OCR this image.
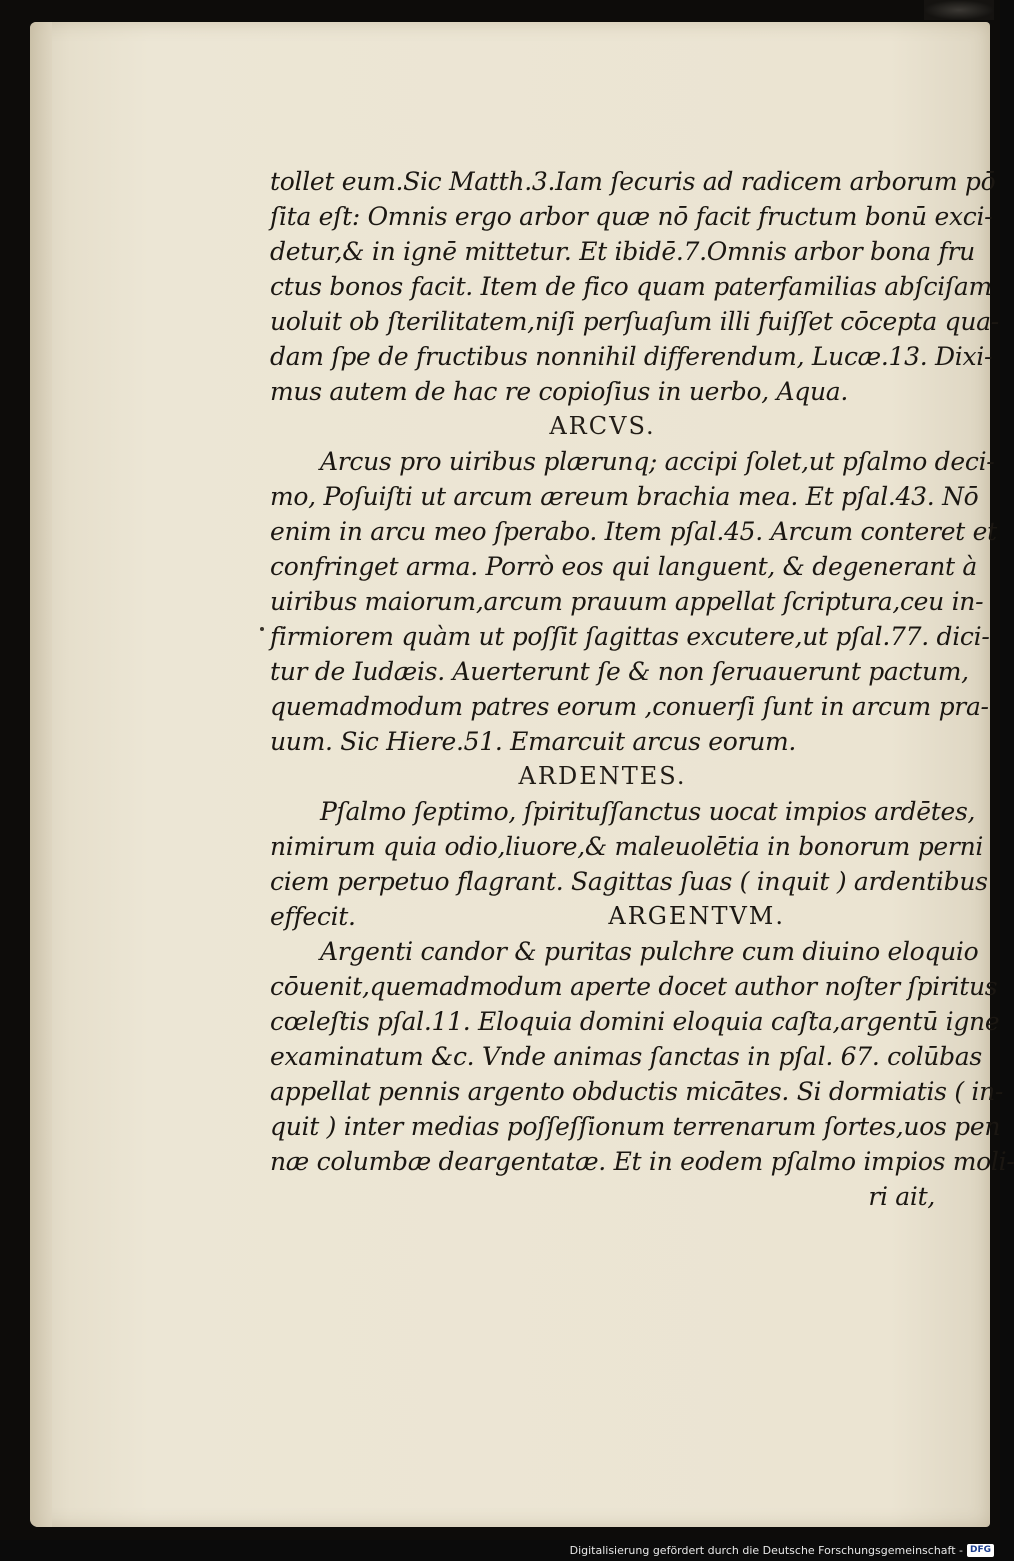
tollet eum.Sic Matth.3.Iam ſecuris ad radicem arborum pō
ſita eſt: Omnis ergo arbor quæ nō facit fructum bonū exci-
detur,& in ignē mittetur. Et ibidē.7.Omnis arbor bona fru
ctus bonos facit. Item de fico quam paterfamilias abſciſam
uoluit ob ſterilitatem,niſi perſuaſum illi fuiſſet cōcepta qua-
dam ſpe de fructibus nonnihil differendum, Lucæ.13. Dixi-
mus autem de hac re copioſius in uerbo, Aqua.
ARCVS.
Arcus pro uiribus plærunq; accipi ſolet,ut pſalmo deci-
mo, Poſuiſti ut arcum æreum brachia mea. Et pſal.43. Nō
enim in arcu meo ſperabo. Item pſal.45. Arcum conteret et
confringet arma. Porrò eos qui languent, & degenerant à
uiribus maiorum,arcum prauum appellat ſcriptura,ceu in-
firmiorem quàm ut poſſit ſagittas excutere,ut pſal.77. dici-
tur de Iudæis. Auerterunt ſe & non ſeruauerunt pactum,
quemadmodum patres eorum ,conuerſi ſunt in arcum pra-
uum. Sic Hiere.51. Emarcuit arcus eorum.
ARDENTES.
Pſalmo ſeptimo, ſpirituſſanctus uocat impios ardētes,
nimirum quia odio,liuore,& maleuolētia in bonorum perni
ciem perpetuo flagrant. Sagittas ſuas ( inquit ) ardentibus
effecit.	ARGENTVM.
Argenti candor & puritas pulchre cum diuino eloquio
cōuenit,quemadmodum aperte docet author noſter ſpiritus
cœleſtis pſal.11. Eloquia domini eloquia caſta,argentū igne
examinatum &c. Vnde animas ſanctas in pſal. 67. colūbas
appellat pennis argento obductis micātes. Si dormiatis ( in-
quit ) inter medias poſſeſſionum terrenarum ſortes,uos pen
næ columbæ deargentatæ. Et in eodem pſalmo impios moli-
ri ait,
Digitalisierung gefördert durch die Deutsche Forschungsgemeinschaft - DFG
